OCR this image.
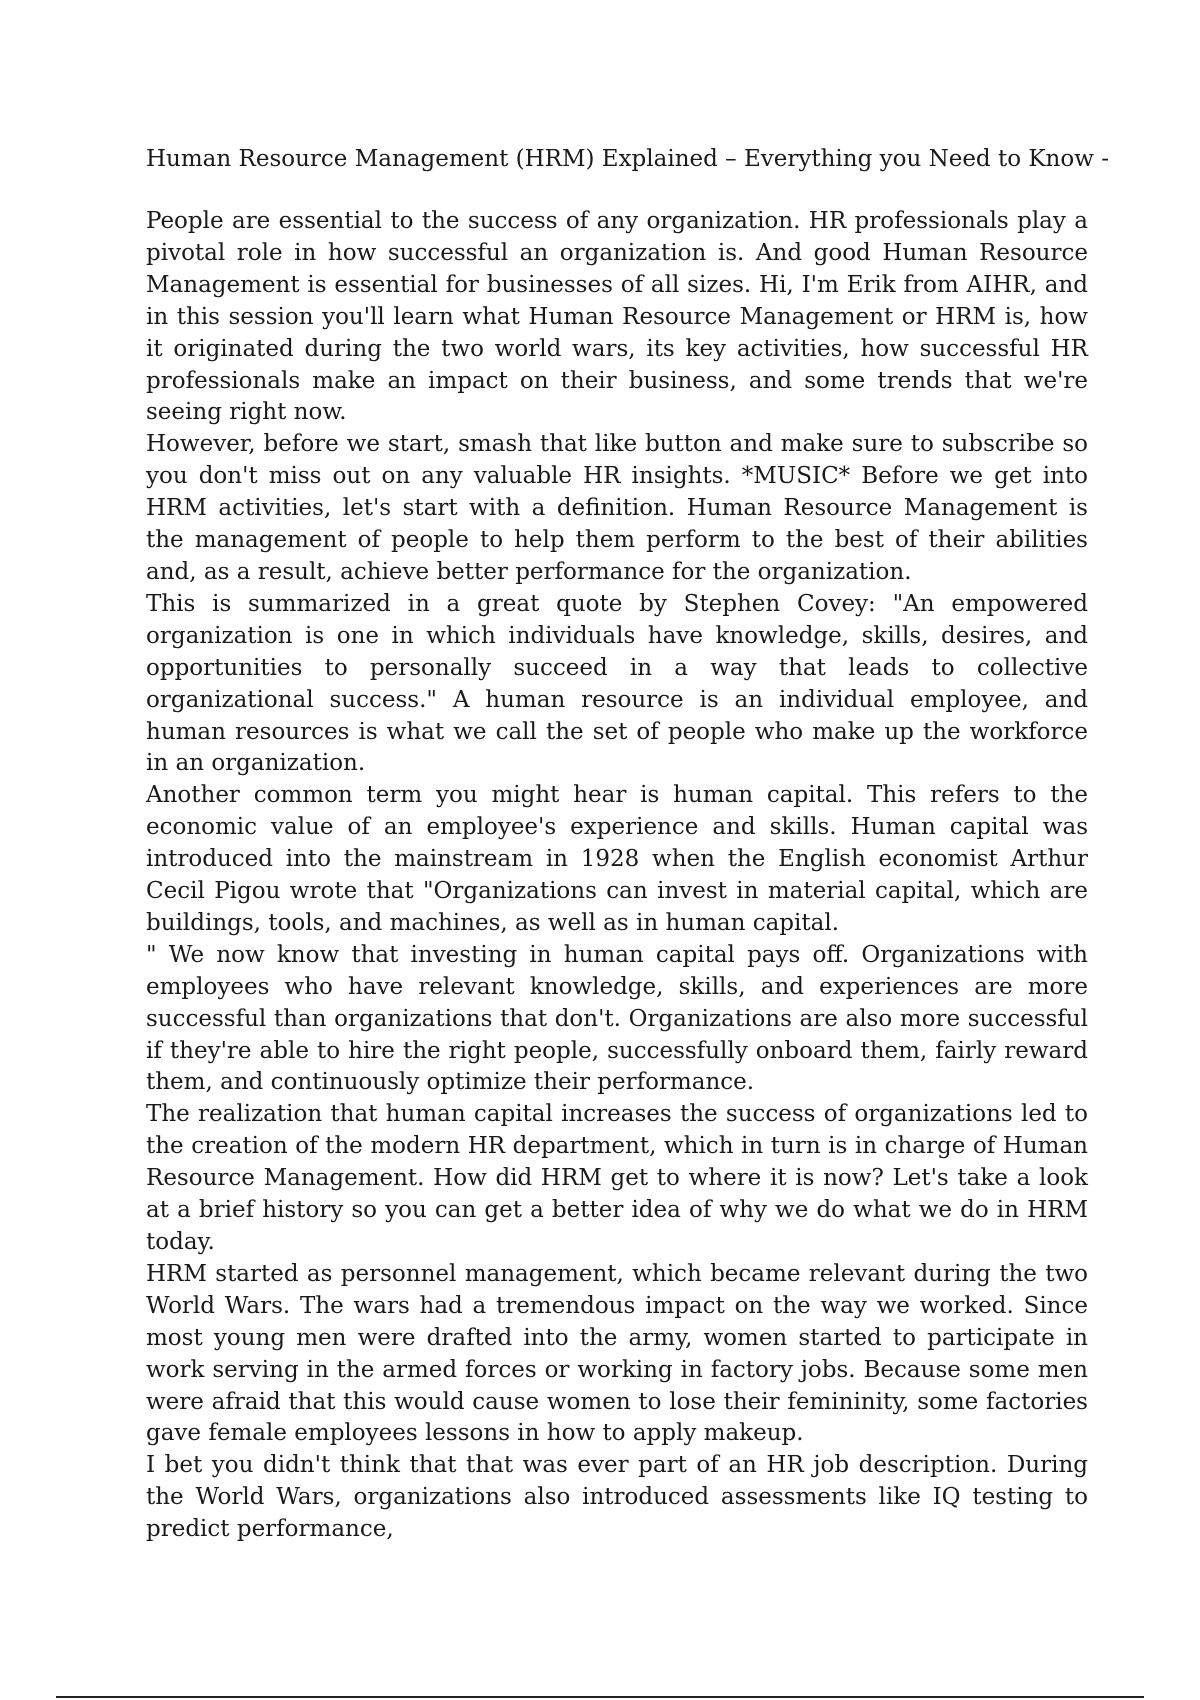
Human Resource Management (HRM) Explained – Everything you Need to Know -

People are essential to the success of any organization. HR professionals play a pivotal role in how successful an organization is. And good Human Resource Management is essential for businesses of all sizes. Hi, I'm Erik from AIHR, and in this session you'll learn what Human Resource Management or HRM is, how it originated during the two world wars, its key activities, how successful HR professionals make an impact on their business, and some trends that we're seeing right now.

However, before we start, smash that like button and make sure to subscribe so you don't miss out on any valuable HR insights. *MUSIC* Before we get into HRM activities, let's start with a definition. Human Resource Management is the management of people to help them perform to the best of their abilities and, as a result, achieve better performance for the organization.

This is summarized in a great quote by Stephen Covey: "An empowered organization is one in which individuals have knowledge, skills, desires, and opportunities to personally succeed in a way that leads to collective organizational success." A human resource is an individual employee, and human resources is what we call the set of people who make up the workforce in an organization.

Another common term you might hear is human capital. This refers to the economic value of an employee's experience and skills. Human capital was introduced into the mainstream in 1928 when the English economist Arthur Cecil Pigou wrote that "Organizations can invest in material capital, which are buildings, tools, and machines, as well as in human capital.

" We now know that investing in human capital pays off. Organizations with employees who have relevant knowledge, skills, and experiences are more successful than organizations that don't. Organizations are also more successful if they're able to hire the right people, successfully onboard them, fairly reward them, and continuously optimize their performance.

The realization that human capital increases the success of organizations led to the creation of the modern HR department, which in turn is in charge of Human Resource Management. How did HRM get to where it is now? Let's take a look at a brief history so you can get a better idea of why we do what we do in HRM today.

HRM started as personnel management, which became relevant during the two World Wars. The wars had a tremendous impact on the way we worked. Since most young men were drafted into the army, women started to participate in work serving in the armed forces or working in factory jobs. Because some men were afraid that this would cause women to lose their femininity, some factories gave female employees lessons in how to apply makeup.

I bet you didn't think that that was ever part of an HR job description. During the World Wars, organizations also introduced assessments like IQ testing to predict performance,
